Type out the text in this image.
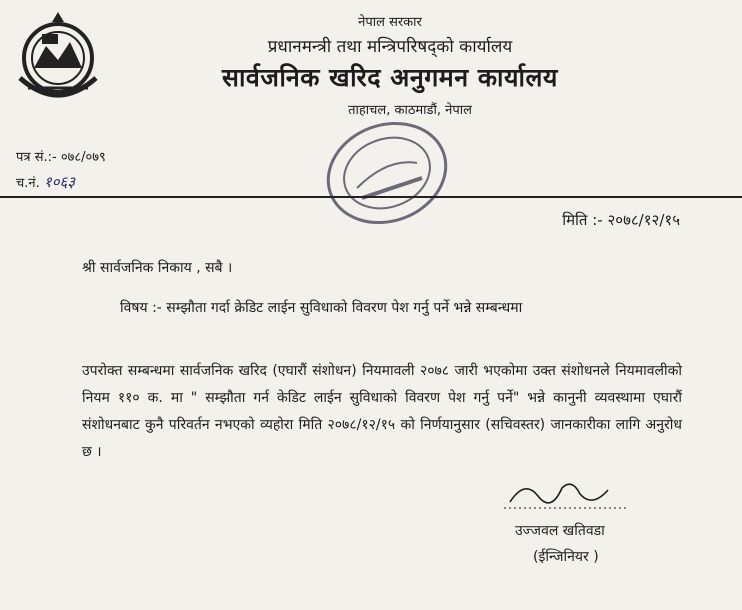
नेपाल सरकार
प्रधानमन्त्री तथा मन्त्रिपरिषद्को कार्यालय
सार्वजनिक खरिद अनुगमन कार्यालय
ताहाचल, काठमाडौं, नेपाल
पत्र सं.:- ०७८/०७९
च.नं. १०६३
मिति :- २०७८/१२/१५
श्री सार्वजनिक निकाय , सबै ।
विषय :- सम्झौता गर्दा क्रेडिट लाईन सुविधाको विवरण पेश गर्नु पर्ने भन्ने सम्बन्धमा
उपरोक्त सम्बन्धमा सार्वजनिक खरिद (एघारौं संशोधन) नियमावली २०७८ जारी भएकोमा उक्त संशोधनले नियमावलीको नियम ११० क. मा " सम्झौता गर्न केडिट लाईन सुविधाको विवरण पेश गर्नु पर्ने" भन्ने कानुनी व्यवस्थामा एघारौं संशोधनबाट कुनै परिवर्तन नभएको व्यहोरा मिति २०७८/१२/१५ को निर्णयानुसार (सचिवस्तर) जानकारीका लागि अनुरोध छ ।
उज्जवल खतिवडा
(ईन्जिनियर )
